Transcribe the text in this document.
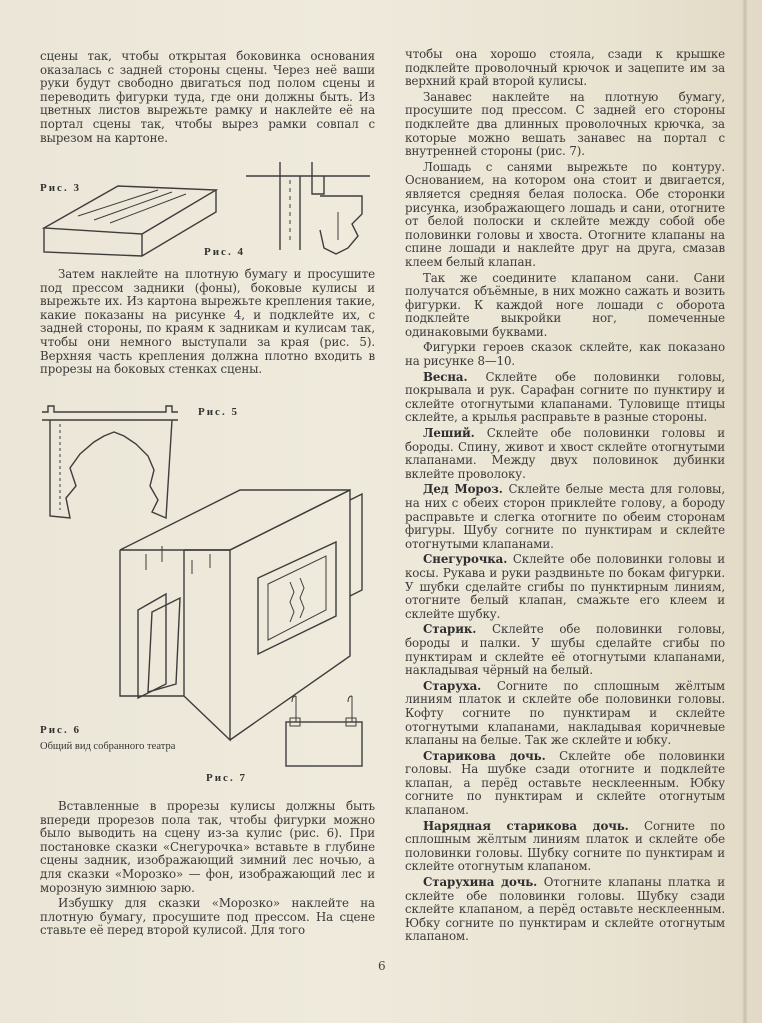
сцены так, чтобы открытая боковинка основания оказалась с задней стороны сцены. Через неё ваши руки будут свободно двигаться под полом сцены и переводить фигурки туда, где они должны быть. Из цветных листов вырежьте рамку и наклейте её на портал сцены так, чтобы вырез рамки совпал с вырезом на картоне.

Рис. 3
Рис. 4

Затем наклейте на плотную бумагу и просушите под прессом задники (фоны), боковые кулисы и вырежьте их. Из картона вырежьте крепления такие, какие показаны на рисунке 4, и подклейте их, с задней стороны, по краям к задникам и кулисам так, чтобы они немного выступали за края (рис. 5). Верхняя часть крепления должна плотно входить в прорезы на боковых стенках сцены.

Рис. 5
Рис. 6
Общий вид собранного театра
Рис. 7

Вставленные в прорезы кулисы должны быть впереди прорезов пола так, чтобы фигурки можно было выводить на сцену из-за кулис (рис. 6). При постановке сказки «Снегурочка» вставьте в глубине сцены задник, изображающий зимний лес ночью, а для сказки «Морозко» — фон, изображающий лес и морозную зимнюю зарю.

Избушку для сказки «Морозко» наклейте на плотную бумагу, просушите под прессом. На сцене ставьте её перед второй кулисой. Для того

чтобы она хорошо стояла, сзади к крышке подклейте проволочный крючок и зацепите им за верхний край второй кулисы.

Занавес наклейте на плотную бумагу, просушите под прессом. С задней его стороны подклейте два длинных проволочных крючка, за которые можно вешать занавес на портал с внутренней стороны (рис. 7).

Лошадь с санями вырежьте по контуру. Основанием, на котором она стоит и двигается, является средняя белая полоска. Обе сторонки рисунка, изображающего лошадь и сани, отогните от белой полоски и склейте между собой обе половинки головы и хвоста. Отогните клапаны на спине лошади и наклейте друг на друга, смазав клеем белый клапан.

Так же соедините клапаном сани. Сани получатся объёмные, в них можно сажать и возить фигурки. К каждой ноге лошади с оборота подклейте выкройки ног, помеченные одинаковыми буквами.

Фигурки героев сказок склейте, как показано на рисунке 8—10.

Весна. Склейте обе половинки головы, покрывала и рук. Сарафан согните по пунктиру и склейте отогнутыми клапанами. Туловище птицы склейте, а крылья расправьте в разные стороны.

Леший. Склейте обе половинки головы и бороды. Спину, живот и хвост склейте отогнутыми клапанами. Между двух половинок дубинки вклейте проволоку.

Дед Мороз. Склейте белые места для головы, на них с обеих сторон приклейте голову, а бороду расправьте и слегка отогните по обеим сторонам фигуры. Шубу согните по пунктирам и склейте отогнутыми клапанами.

Снегурочка. Склейте обе половинки головы и косы. Рукава и руки раздвиньте по бокам фигурки. У шубки сделайте сгибы по пунктирным линиям, отогните белый клапан, смажьте его клеем и склейте шубку.

Старик. Склейте обе половинки головы, бороды и палки. У шубы сделайте сгибы по пунктирам и склейте её отогнутыми клапанами, накладывая чёрный на белый.

Старуха. Согните по сплошным жёлтым линиям платок и склейте обе половинки головы. Кофту согните по пунктирам и склейте отогнутыми клапанами, накладывая коричневые клапаны на белые. Так же склейте и юбку.

Старикова дочь. Склейте обе половинки головы. На шубке сзади отогните и подклейте клапан, а перёд оставьте несклеенным. Юбку согните по пунктирам и склейте отогнутым клапаном.

Нарядная старикова дочь. Согните по сплошным жёлтым линиям платок и склейте обе половинки головы. Шубку согните по пунктирам и склейте отогнутым клапаном.

Старухина дочь. Отогните клапаны платка и склейте обе половинки головы. Шубку сзади склейте клапаном, а перёд оставьте несклеенным. Юбку согните по пунктирам и склейте отогнутым клапаном.

6
